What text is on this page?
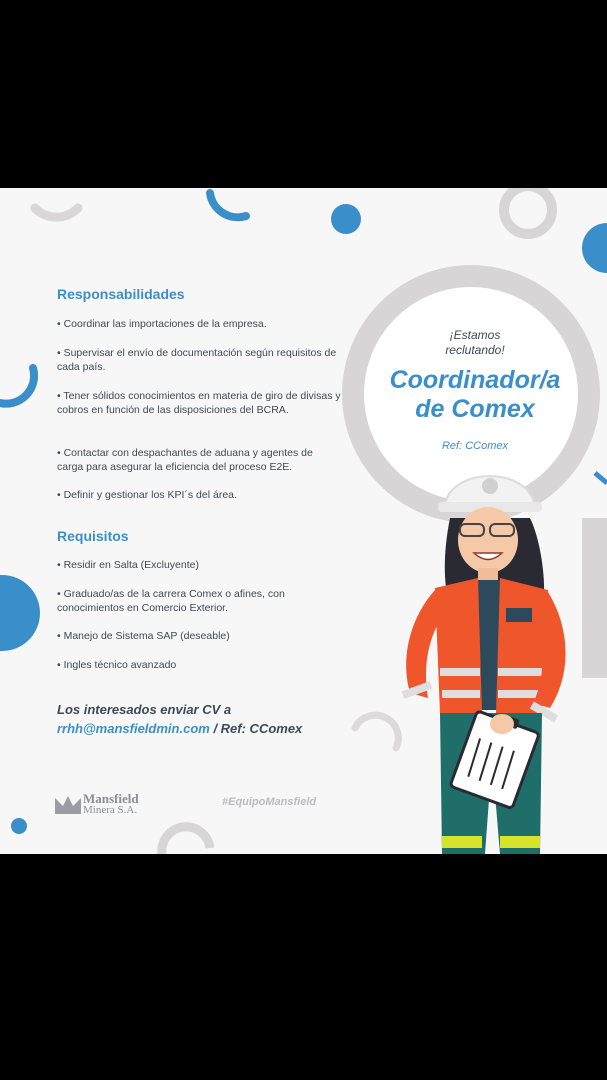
¡Estamos reclutando!
Coordinador/a
de Comex
Ref: CComex
Responsabilidades
• Coordinar las importaciones de la empresa.
• Supervisar el envío de documentación según requisitos de cada país.
• Tener sólidos conocimientos en materia de giro de divisas y cobros en función de las disposiciones del BCRA.
• Contactar con despachantes de aduana y agentes de carga para asegurar la eficiencia del proceso E2E.
• Definir y gestionar los KPI´s del área.
Requisitos
• Residir en Salta (Excluyente)
• Graduado/as de la carrera Comex o afines, con conocimientos en Comercio Exterior.
• Manejo de Sistema SAP (deseable)
• Ingles técnico avanzado
Los interesados enviar CV a
rrhh@mansfieldmin.com / Ref: CComex
Mansfield
Minera S.A.
#EquipoMansfield
